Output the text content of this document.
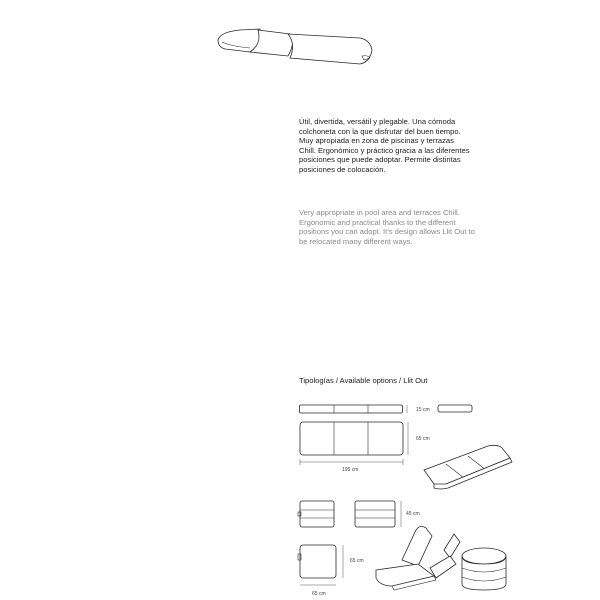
Útil, divertida, versátil y plegable. Una cómoda
colchoneta con la que disfrutar del buen tiempo.
Muy apropiada en zona de piscinas y terrazas
Chill. Ergonómico y práctico gracia a las diferentes
posiciones que puede adoptar. Permite distintas
posiciones de colocación.
Very appropriate in pool area and terraces Chill.
Ergonomic and practical thanks to the different
positions you can adopt. It’s design allows Llit Out to
be relocated many different ways.
Tipologías / Available options / Llit Out
15 cm
65 cm
195 cm
45 cm
65 cm
65 cm
